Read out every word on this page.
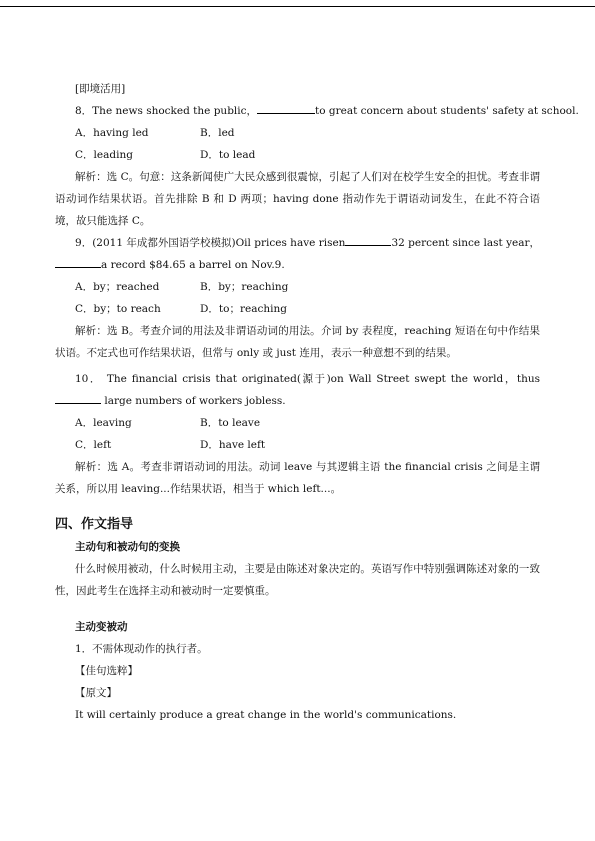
[即境活用]
8．The news shocked the public，	to great concern about students' safety at school.
A．having led	B．led
C．leading	D．to lead
解析：选 C。句意：这条新闻使广大民众感到很震惊，引起了人们对在校学生安全的担忧。考查非谓语动词作结果状语。首先排除 B 和 D 两项；having done 指动作先于谓语动词发生，在此不符合语境，故只能选择 C。
9．(2011 年成都外国语学校模拟)Oil prices have risen	32 percent since last year，a record $84.65 a barrel on Nov.9.
A．by；reached	B．by；reaching
C．by；to reach	D．to；reaching
解析：选 B。考查介词的用法及非谓语动词的用法。介词 by 表程度，reaching 短语在句中作结果状语。不定式也可作结果状语，但常与 only 或 just 连用，表示一种意想不到的结果。
10． The financial crisis that originated(源于)on Wall Street swept the world，thus large numbers of workers jobless.
A．leaving	B．to leave
C．left	D．have left
解析：选 A。考查非谓语动词的用法。动词 leave 与其逻辑主语 the financial crisis 之间是主谓关系，所以用 leaving...作结果状语，相当于 which left...。
四、作文指导
主动句和被动句的变换
什么时候用被动，什么时候用主动，主要是由陈述对象决定的。英语写作中特别强调陈述对象的一致性，因此考生在选择主动和被动时一定要慎重。
主动变被动
1．不需体现动作的执行者。
【佳句选粹】
【原文】
It will certainly produce a great change in the world's communications.
